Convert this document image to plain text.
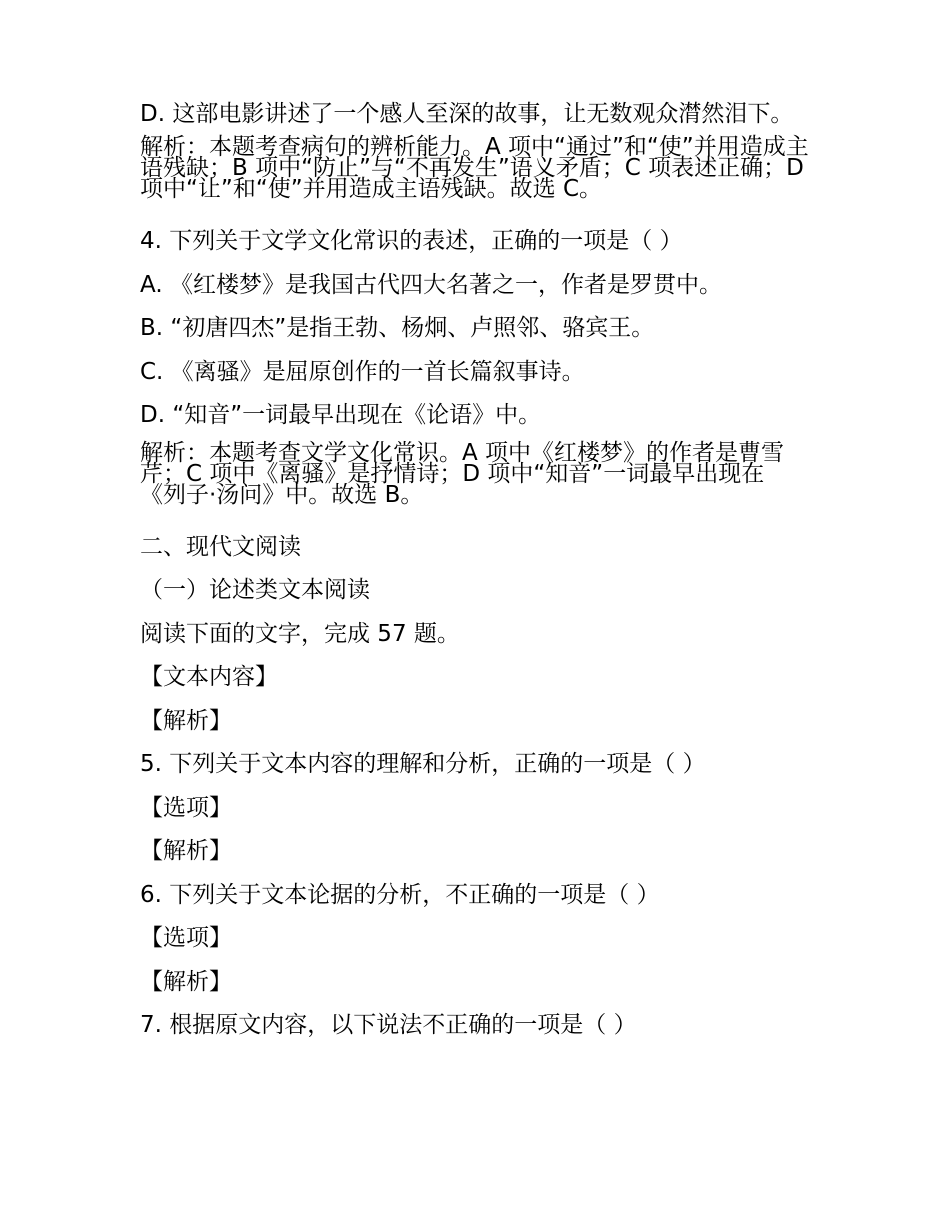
D. 这部电影讲述了一个感人至深的故事，让无数观众潸然泪下。

解析：本题考查病句的辨析能力。A 项中“通过”和“使”并用造成主语残缺；B 项中“防止”与“不再发生”语义矛盾；C 项表述正确；D 项中“让”和“使”并用造成主语残缺。故选 C。

4. 下列关于文学文化常识的表述，正确的一项是（ ）
A. 《红楼梦》是我国古代四大名著之一，作者是罗贯中。
B. “初唐四杰”是指王勃、杨炯、卢照邻、骆宾王。
C. 《离骚》是屈原创作的一首长篇叙事诗。
D. “知音”一词最早出现在《论语》中。

解析：本题考查文学文化常识。A 项中《红楼梦》的作者是曹雪芹；C 项中《离骚》是抒情诗；D 项中“知音”一词最早出现在《列子·汤问》中。故选 B。

二、现代文阅读
（一）论述类文本阅读
阅读下面的文字，完成 57 题。
【文本内容】
【解析】
5. 下列关于文本内容的理解和分析，正确的一项是（ ）
【选项】
【解析】
6. 下列关于文本论据的分析，不正确的一项是（ ）
【选项】
【解析】
7. 根据原文内容，以下说法不正确的一项是（ ）
